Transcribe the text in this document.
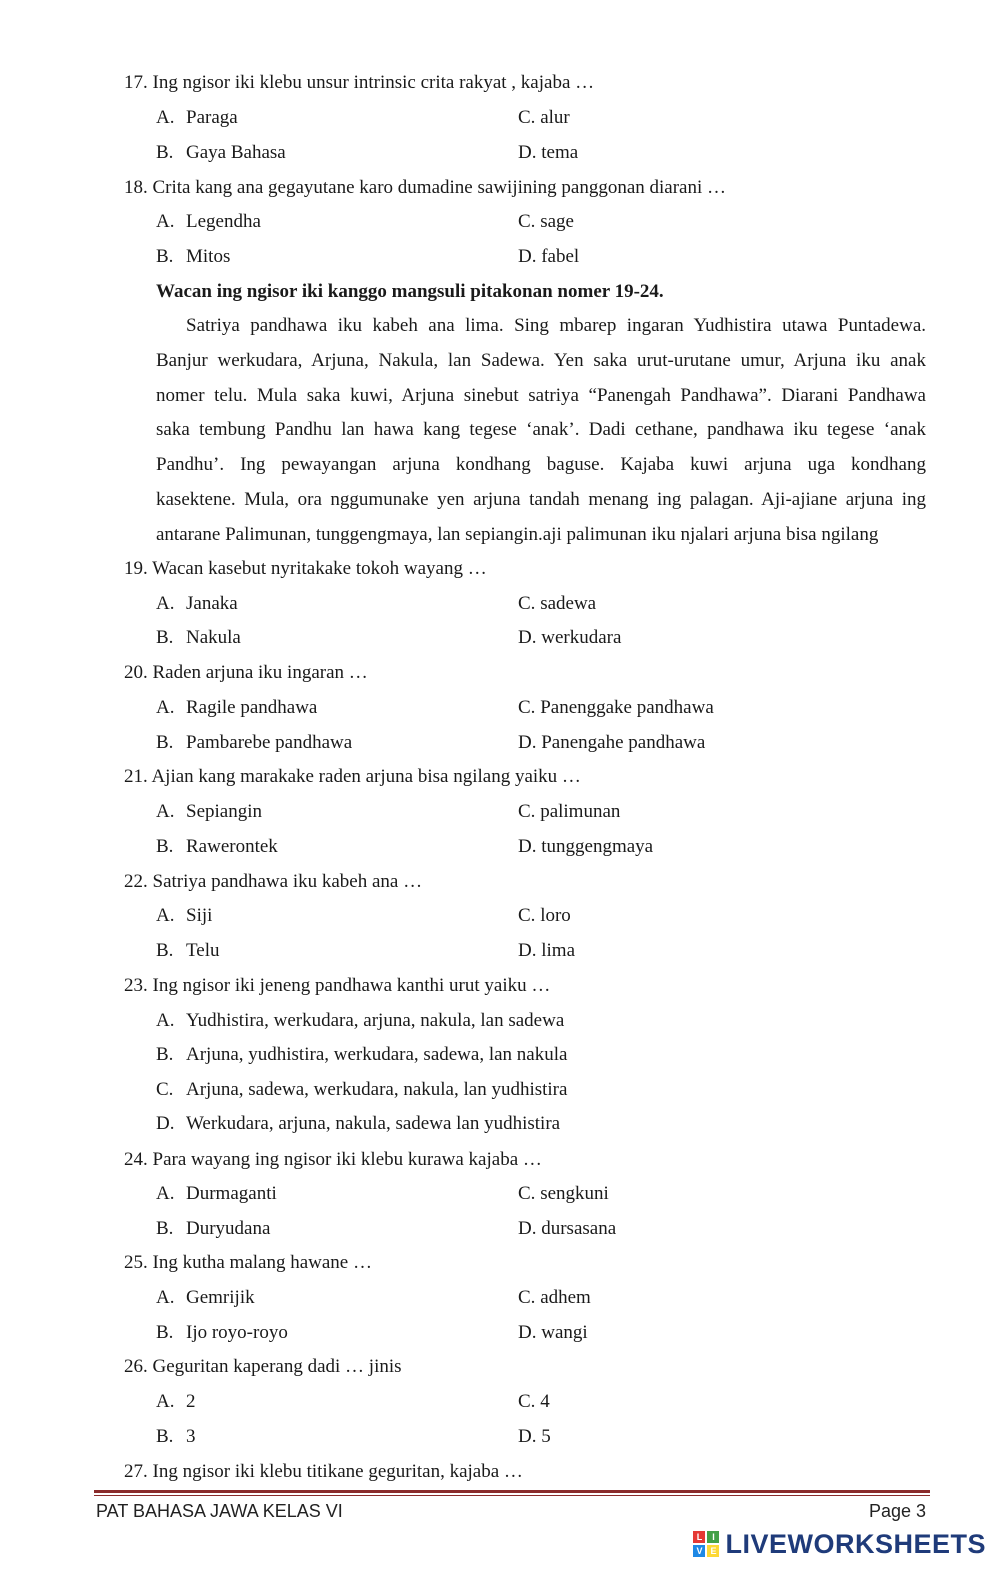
17. Ing ngisor iki klebu unsur intrinsic crita rakyat , kajaba …
A. Paraga	C. alur
B. Gaya Bahasa	D. tema
18. Crita kang ana gegayutane karo dumadine sawijining panggonan diarani …
A. Legendha	C. sage
B. Mitos	D. fabel
Wacan ing ngisor iki kanggo mangsuli pitakonan nomer 19-24.
Satriya pandhawa iku kabeh ana lima. Sing mbarep ingaran Yudhistira utawa Puntadewa.
Banjur werkudara, Arjuna, Nakula, lan Sadewa. Yen saka urut-urutane umur, Arjuna iku anak
nomer telu. Mula saka kuwi, Arjuna sinebut satriya “Panengah Pandhawa”. Diarani Pandhawa
saka tembung Pandhu lan hawa kang tegese ‘anak’. Dadi cethane, pandhawa iku tegese ‘anak
Pandhu’. Ing pewayangan arjuna kondhang baguse. Kajaba kuwi arjuna uga kondhang
kasektene. Mula, ora nggumunake yen arjuna tandah menang ing palagan. Aji-ajiane arjuna ing
antarane Palimunan, tunggengmaya, lan sepiangin.aji palimunan iku njalari arjuna bisa ngilang
19. Wacan kasebut nyritakake tokoh wayang …
A. Janaka	C. sadewa
B. Nakula	D. werkudara
20. Raden arjuna iku ingaran …
A. Ragile pandhawa	C. Panenggake pandhawa
B. Pambarebe pandhawa	D. Panengahe pandhawa
21. Ajian kang marakake raden arjuna bisa ngilang yaiku …
A. Sepiangin	C. palimunan
B. Rawerontek	D. tunggengmaya
22. Satriya pandhawa iku kabeh ana …
A. Siji	C. loro
B. Telu	D. lima
23. Ing ngisor iki jeneng pandhawa kanthi urut yaiku …
A. Yudhistira, werkudara, arjuna, nakula, lan sadewa
B. Arjuna, yudhistira, werkudara, sadewa, lan nakula
C. Arjuna, sadewa, werkudara, nakula, lan yudhistira
D. Werkudara, arjuna, nakula, sadewa lan yudhistira
24. Para wayang ing ngisor iki klebu kurawa kajaba …
A. Durmaganti	C. sengkuni
B. Duryudana	D. dursasana
25. Ing kutha malang hawane …
A. Gemrijik	C. adhem
B. Ijo royo-royo	D. wangi
26. Geguritan kaperang dadi … jinis
A. 2	C. 4
B. 3	D. 5
27. Ing ngisor iki klebu titikane geguritan, kajaba …
PAT BAHASA JAWA KELAS VI	Page 3
L	I
V E LIVEWORKSHEETS
